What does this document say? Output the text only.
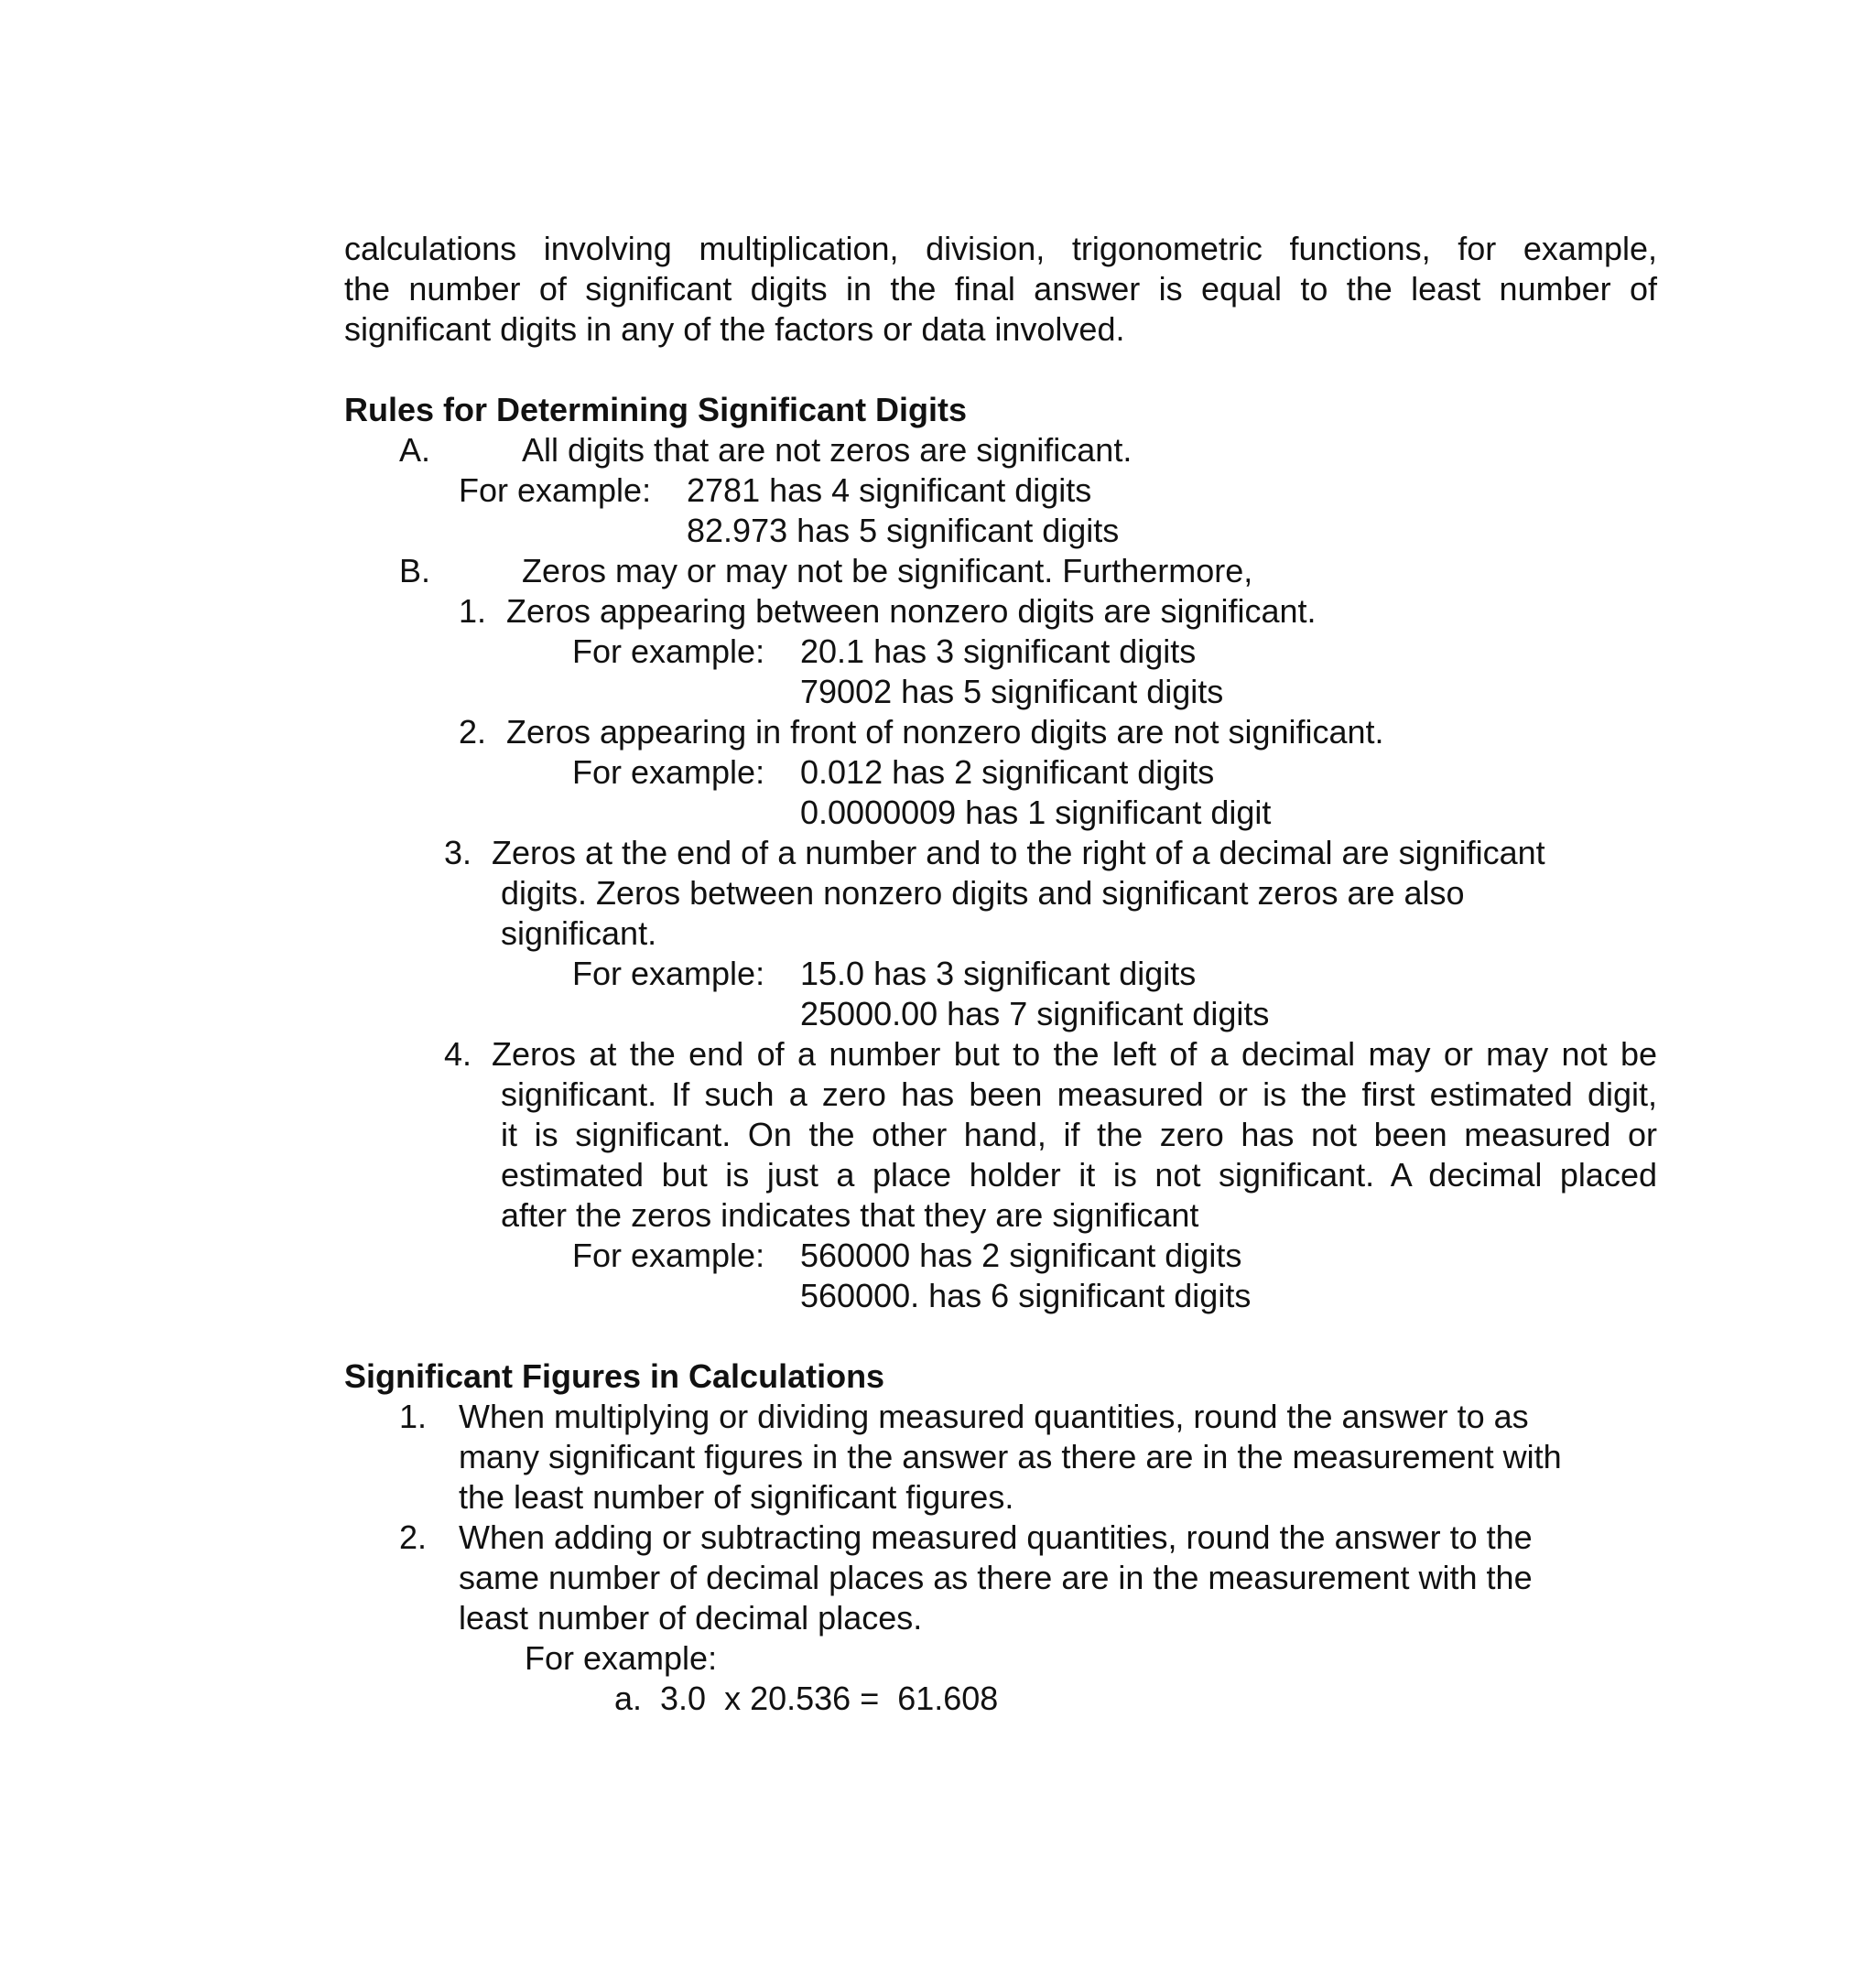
calculations involving multiplication, division, trigonometric functions, for example,
the number of significant digits in the final answer is equal to the least number of
significant digits in any of the factors or data involved.
Rules for Determining Significant Digits
A.	All digits that are not zeros are significant.
For example: 2781 has 4 significant digits
82.973 has 5 significant digits
B.	Zeros may or may not be significant. Furthermore,
1. Zeros appearing between nonzero digits are significant.
For example: 20.1 has 3 significant digits
79002 has 5 significant digits
2. Zeros appearing in front of nonzero digits are not significant.
For example: 0.012 has 2 significant digits
0.0000009 has 1 significant digit
3. Zeros at the end of a number and to the right of a decimal are significant
digits. Zeros between nonzero digits and significant zeros are also
significant.
For example: 15.0 has 3 significant digits
25000.00 has 7 significant digits
4. Zeros at the end of a number but to the left of a decimal may or may not be
significant. If such a zero has been measured or is the first estimated digit,
it is significant. On the other hand, if the zero has not been measured or
estimated but is just a place holder it is not significant. A decimal placed
after the zeros indicates that they are significant
For example: 560000 has 2 significant digits
560000. has 6 significant digits
Significant Figures in Calculations
1. When multiplying or dividing measured quantities, round the answer to as
many significant figures in the answer as there are in the measurement with
the least number of significant figures.
2. When adding or subtracting measured quantities, round the answer to the
same number of decimal places as there are in the measurement with the
least number of decimal places.
For example:
a.  3.0  x 20.536 =  61.608
